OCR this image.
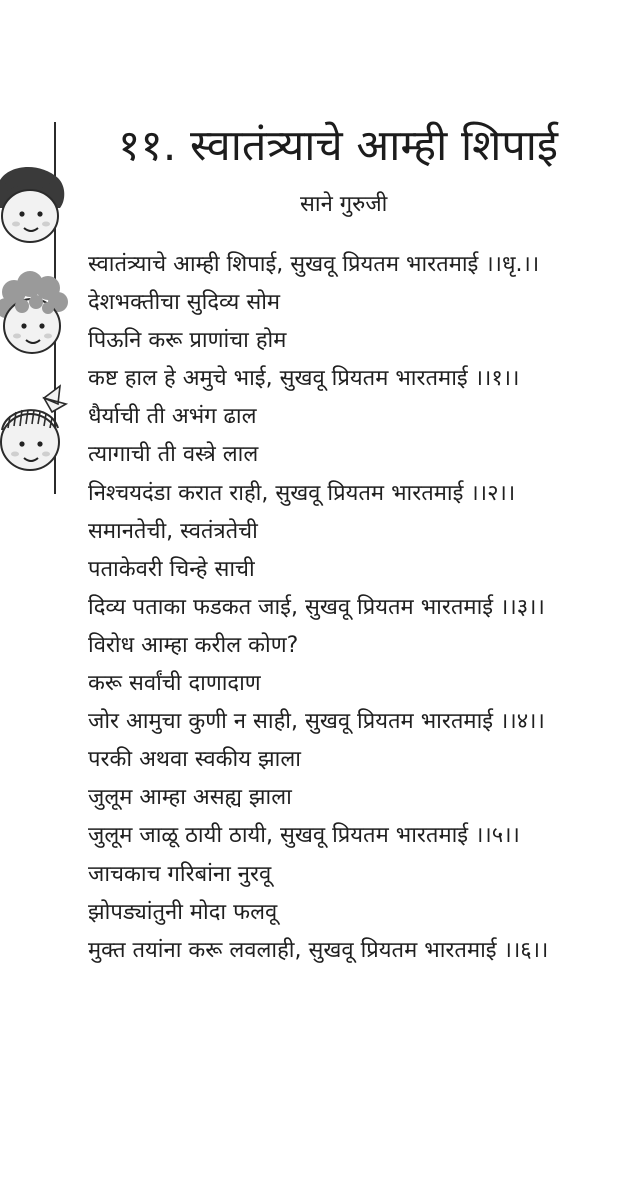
११. स्वातंत्र्याचे आम्ही शिपाई
साने गुरुजी
स्वातंत्र्याचे आम्ही शिपाई, सुखवू प्रियतम भारतमाई ।।धृ.।।
देशभक्तीचा सुदिव्य सोम
पिऊनि करू प्राणांचा होम
कष्ट हाल हे अमुचे भाई, सुखवू प्रियतम भारतमाई ।।१।।
धैर्याची ती अभंग ढाल
त्यागाची ती वस्त्रे लाल
निश्चयदंडा करात राही, सुखवू प्रियतम भारतमाई ।।२।।
समानतेची, स्वतंत्रतेची
पताकेवरी चिन्हे साची
दिव्य पताका फडकत जाई, सुखवू प्रियतम भारतमाई ।।३।।
विरोध आम्हा करील कोण?
करू सर्वांची दाणादाण
जोर आमुचा कुणी न साही, सुखवू प्रियतम भारतमाई ।।४।।
परकी अथवा स्वकीय झाला
जुलूम आम्हा असह्य झाला
जुलूम जाळू ठायी ठायी, सुखवू प्रियतम भारतमाई ।।५।।
जाचकाच गरिबांना नुरवू
झोपड्यांतुनी मोदा फलवू
मुक्त तयांना करू लवलाही, सुखवू प्रियतम भारतमाई ।।६।।
